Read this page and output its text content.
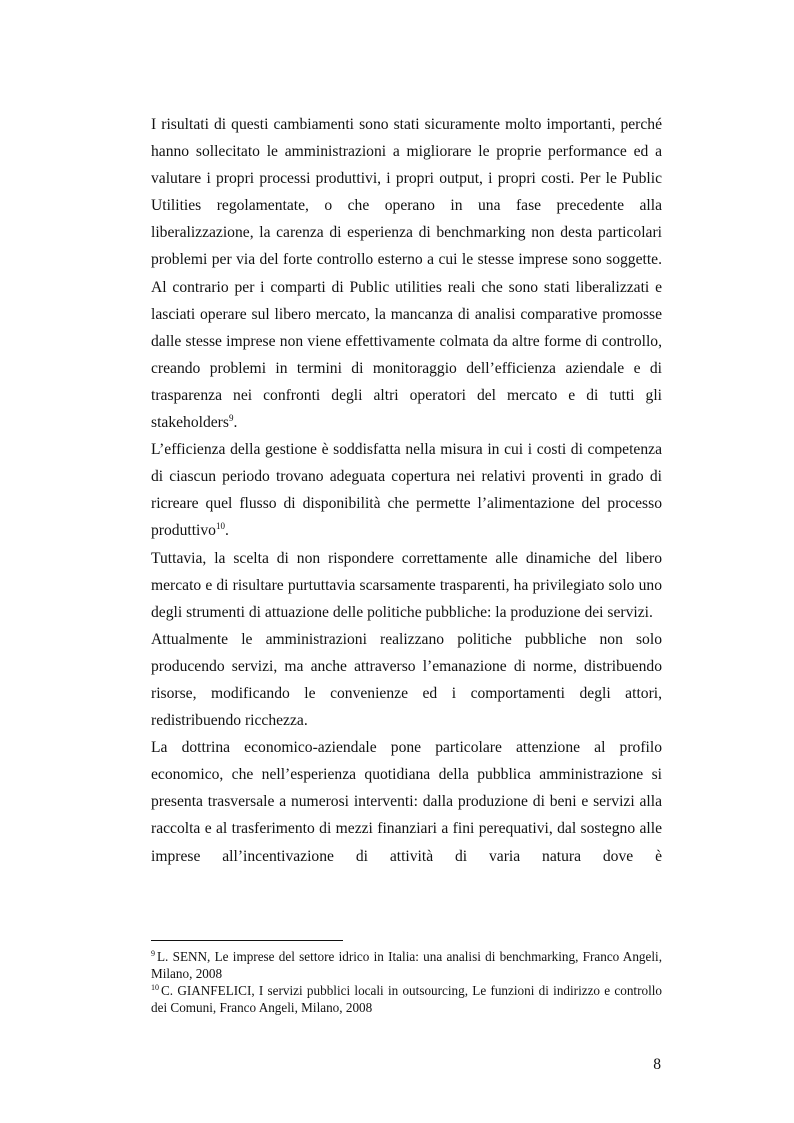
I risultati di questi cambiamenti sono stati sicuramente molto importanti, perché hanno sollecitato le amministrazioni a migliorare le proprie performance ed a valutare i propri processi produttivi, i propri output, i propri costi. Per le Public Utilities regolamentate, o che operano in una fase precedente alla liberalizzazione, la carenza di esperienza di benchmarking non desta particolari problemi per via del forte controllo esterno a cui le stesse imprese sono soggette. Al contrario per i comparti di Public utilities reali che sono stati liberalizzati e lasciati operare sul libero mercato, la mancanza di analisi comparative promosse dalle stesse imprese non viene effettivamente colmata da altre forme di controllo, creando problemi in termini di monitoraggio dell’efficienza aziendale e di trasparenza nei confronti degli altri operatori del mercato e di tutti gli stakeholders$^9$.

L’efficienza della gestione è soddisfatta nella misura in cui i costi di competenza di ciascun periodo trovano adeguata copertura nei relativi proventi in grado di ricreare quel flusso di disponibilità che permette l’alimentazione del processo produttivo$^{10}$.

Tuttavia, la scelta di non rispondere correttamente alle dinamiche del libero mercato e di risultare purtuttavia scarsamente trasparenti, ha privilegiato solo uno degli strumenti di attuazione delle politiche pubbliche: la produzione dei servizi.

Attualmente le amministrazioni realizzano politiche pubbliche non solo producendo servizi, ma anche attraverso l’emanazione di norme, distribuendo risorse, modificando le convenienze ed i comportamenti degli attori, redistribuendo ricchezza.

La dottrina economico-aziendale pone particolare attenzione al profilo economico, che nell’esperienza quotidiana della pubblica amministrazione si presenta trasversale a numerosi interventi: dalla produzione di beni e servizi alla raccolta e al trasferimento di mezzi finanziari a fini perequativi, dal sostegno alle imprese all’incentivazione di attività di varia natura dove è

$^9$ L. SENN, Le imprese del settore idrico in Italia: una analisi di benchmarking, Franco Angeli, Milano, 2008

$^{10}$ C. GIANFELICI, I servizi pubblici locali in outsourcing, Le funzioni di indirizzo e controllo dei Comuni, Franco Angeli, Milano, 2008

8
